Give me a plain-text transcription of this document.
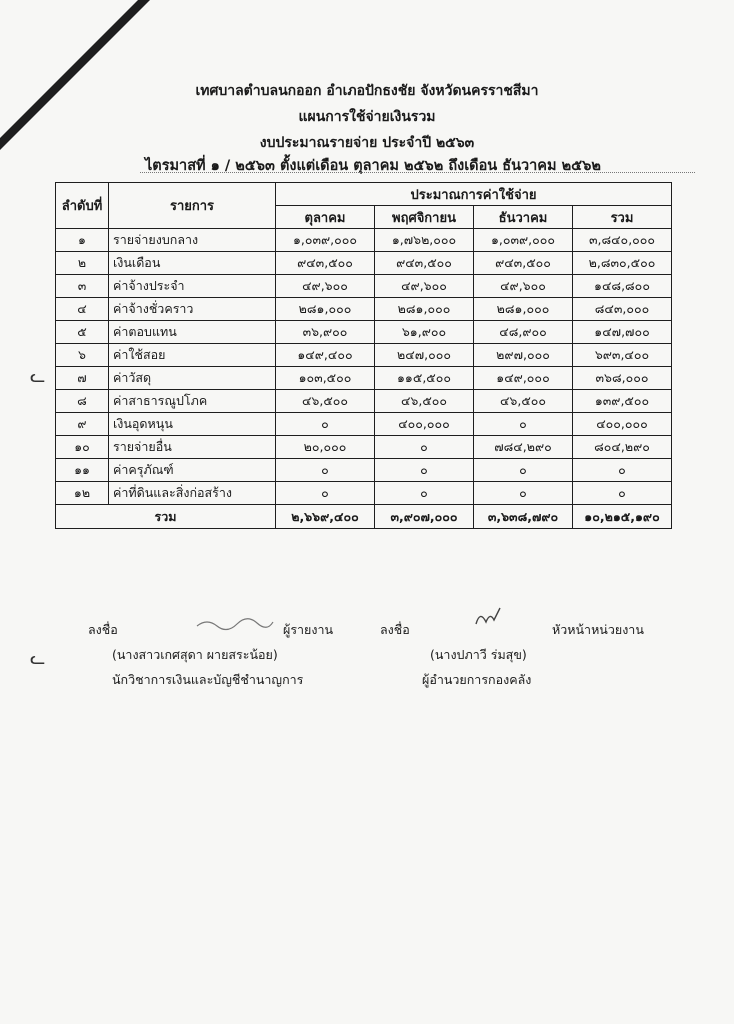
เทศบาลตำบลนกออก อำเภอปักธงชัย จังหวัดนครราชสีมา
แผนการใช้จ่ายเงินรวม
งบประมาณรายจ่าย ประจำปี ๒๕๖๓
ไตรมาสที่ ๑ / ๒๕๖๓ ตั้งแต่เดือน ตุลาคม ๒๕๖๒ ถึงเดือน ธันวาคม ๒๕๖๒
ลำดับที่	รายการ	ประมาณการค่าใช้จ่าย			
		ตุลาคม	พฤศจิกายน	ธันวาคม	รวม
๑	รายจ่ายงบกลาง	๑,๐๓๙,๐๐๐	๑,๗๖๒,๐๐๐	๑,๐๓๙,๐๐๐	๓,๘๔๐,๐๐๐
๒	เงินเดือน	๙๔๓,๕๐๐	๙๔๓,๕๐๐	๙๔๓,๕๐๐	๒,๘๓๐,๕๐๐
๓	ค่าจ้างประจำ	๔๙,๖๐๐	๔๙,๖๐๐	๔๙,๖๐๐	๑๔๘,๘๐๐
๔	ค่าจ้างชั่วคราว	๒๘๑,๐๐๐	๒๘๑,๐๐๐	๒๘๑,๐๐๐	๘๔๓,๐๐๐
๕	ค่าตอบแทน	๓๖,๙๐๐	๖๑,๙๐๐	๔๘,๙๐๐	๑๔๗,๗๐๐
๖	ค่าใช้สอย	๑๔๙,๔๐๐	๒๔๗,๐๐๐	๒๙๗,๐๐๐	๖๙๓,๔๐๐
๗	ค่าวัสดุ	๑๐๓,๕๐๐	๑๑๕,๕๐๐	๑๔๙,๐๐๐	๓๖๘,๐๐๐
๘	ค่าสาธารณูปโภค	๔๖,๕๐๐	๔๖,๕๐๐	๔๖,๕๐๐	๑๓๙,๕๐๐
๙	เงินอุดหนุน	๐	๔๐๐,๐๐๐	๐	๔๐๐,๐๐๐
๑๐	รายจ่ายอื่น	๒๐,๐๐๐	๐	๗๘๔,๒๙๐	๘๐๔,๒๙๐
๑๑	ค่าครุภัณฑ์	๐	๐	๐	๐
๑๒	ค่าที่ดินและสิ่งก่อสร้าง	๐	๐	๐	๐
รวม		๒,๖๖๙,๔๐๐	๓,๙๐๗,๐๐๐	๓,๖๓๘,๗๙๐	๑๐,๒๑๕,๑๙๐
ลงชื่อ	ผู้รายงาน	ลงชื่อ	หัวหน้าหน่วยงาน
(นางสาวเกศสุดา ผายสระน้อย)	(นางปภาวี ร่มสุข)
นักวิชาการเงินและบัญชีชำนาญการ	ผู้อำนวยการกองคลัง
ᓚ
ᓚ
